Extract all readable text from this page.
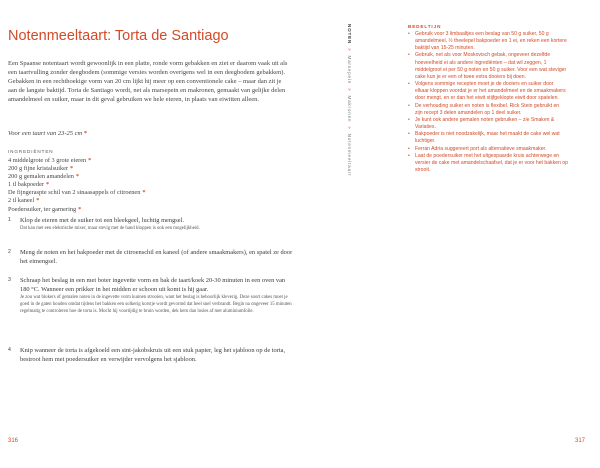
Notenmeeltaart: Torta de Santiago

Een Spaanse notentaart wordt gewoonlijk in een platte, ronde vorm gebakken en ziet er daarom vaak uit als een taartvulling zonder deegbodem (sommige versies worden overigens wel in een deegbodem gebakken). Gebakken in een rechthoekige vorm van 20 cm lijkt hij meer op een conventionele cake – maar dan zit je aan de langste baktijd. Torta de Santiago wordt, net als marsepein en makronen, gemaakt van gelijke delen amandelmeel en suiker, maar in dit geval gebruiken we hele eieren, in plaats van eiwitten alleen.

Voor een taart van 23-25 cm *

INGREDIËNTEN

4 middelgrote of 3 grote eieren *
200 g fijne kristalsuiker *
200 g gemalen amandelen *
1 tl bakpoeder *
De fijngeraspte schil van 2 sinaasappels of citroenen *
2 tl kaneel *
Poedersuiker, ter garnering *
1 Klop de eieren met de suiker tot een bleekgeel, luchtig mengsel.

Dat kan met een elektrische mixer, maar stevig met de hand kloppen is ook een mogelijkheid.

2 Meng de noten en het bakpoeder met de citroenschil en kaneel (of andere smaakmakers), en spatel ze door het eimengsel.

3 Schraap het beslag in een met boter ingevette vorm en bak de taart/koek 20-30 minuten in een oven van 180 °C. Wanneer een prikker in het midden er schoon uit komt is hij gaar.

Je zou wat blokers of gemalen noten in de ingevette vorm kunnen strooien, want het beslag is behoorlijk kleverig. Deze soort cakes moet je goed in de gaten houden omdat tijdens het bakken een solkerig korstje wordt gevormd dat heel snel verbrandt. Begin na ongeveer 15 minuten regelmatig te controleren hoe de torta is. Mocht hij voortijdig te bruin worden, dek hem dan losies af met aluminiumfolie.

4 Knip wanneer de torta is afgekoeld een sint-jakobskruis uit een stuk papier, leg het sjabloon op de torta, bestrooi hem met poedersuiker en verwijder vervolgens het sjabloon.

316

NOTEN»Marsepein»Makronen»Notenmeeltaart

BEDELTIJN

• Gebruik voor 3 limbaaltjes een beslag van 50 g suiker, 50 g amandelmeel, ½ theelepel bakpoeder en 1 ei, en reken een kortere baktijd van 15-25 minuten.
• Gebruik, net als voor Moskovisch gebak, ongeveer dezelfde hoeveelheid ei als andere ingrediënten – dat wil zeggen, 1 middelgroot ei per 50 g noten en 50 g suiker. Voor een wat steviger cake kun je er een of twee extra dooiers bij doen.
• Volgens sommige recepten moet je de dooiers en suiker door elkaar kloppen voordat je er het amandelmeel en de smaakmakers door mengt, en er dan het eiwit stijfgeklopte eiwit door spatelen.
• De verhouding suiker en noten is flexibel. Rick Stein gebruikt en zijn recept 3 delen amandelen op 1 deel suiker.
• Je kunt ook andere gemalen noten gebruiken – zie Smaken & Variaties.
• Bakpoeder is niet noodzakelijk, maar het maakt de cake wel wat luchtiger.
• Ferran Adria suggereert port als alternatieve smaakmaker.
• Laat de poedersuiker met het uitgespaarde kruis achterwege en versier de cake met amandelschaafsel, dat je er voor het bakken op strooit.

317
